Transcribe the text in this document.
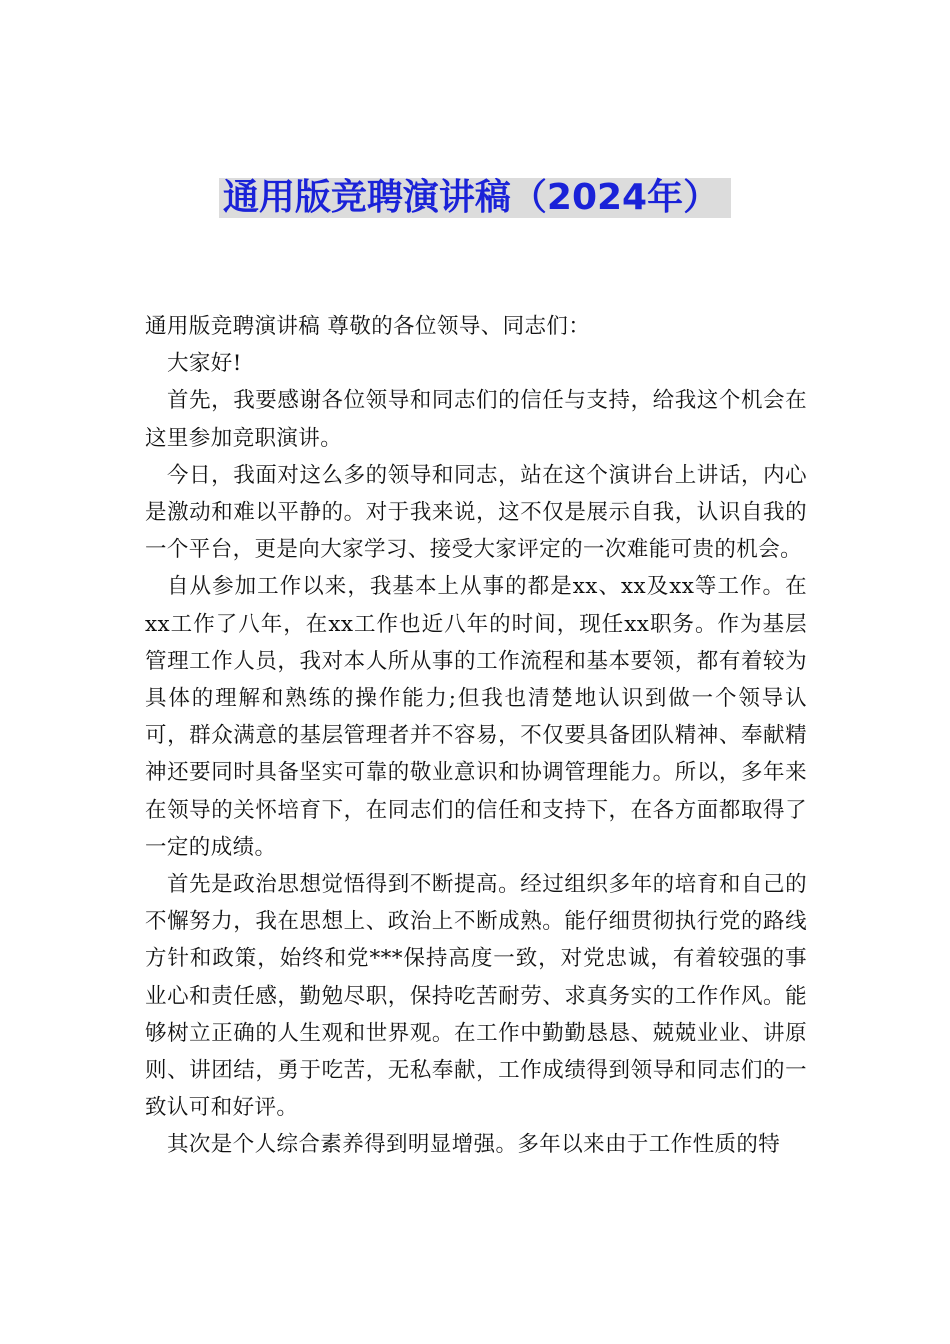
通用版竞聘演讲稿（2024年）

通用版竞聘演讲稿 尊敬的各位领导、同志们：

大家好!

首先，我要感谢各位领导和同志们的信任与支持，给我这个机会在这里参加竞职演讲。

今日，我面对这么多的领导和同志，站在这个演讲台上讲话，内心是激动和难以平静的。对于我来说，这不仅是展示自我，认识自我的一个平台，更是向大家学习、接受大家评定的一次难能可贵的机会。

自从参加工作以来，我基本上从事的都是xx、xx及xx等工作。在xx工作了八年，在xx工作也近八年的时间，现任xx职务。作为基层管理工作人员，我对本人所从事的工作流程和基本要领，都有着较为具体的理解和熟练的操作能力;但我也清楚地认识到做一个领导认可，群众满意的基层管理者并不容易，不仅要具备团队精神、奉献精神还要同时具备坚实可靠的敬业意识和协调管理能力。所以，多年来在领导的关怀培育下，在同志们的信任和支持下，在各方面都取得了一定的成绩。

首先是政治思想觉悟得到不断提高。经过组织多年的培育和自己的不懈努力，我在思想上、政治上不断成熟。能仔细贯彻执行党的路线方针和政策，始终和党***保持高度一致，对党忠诚，有着较强的事业心和责任感，勤勉尽职，保持吃苦耐劳、求真务实的工作作风。能够树立正确的人生观和世界观。在工作中勤勤恳恳、兢兢业业、讲原则、讲团结，勇于吃苦，无私奉献，工作成绩得到领导和同志们的一致认可和好评。

其次是个人综合素养得到明显增强。多年以来由于工作性质的特
